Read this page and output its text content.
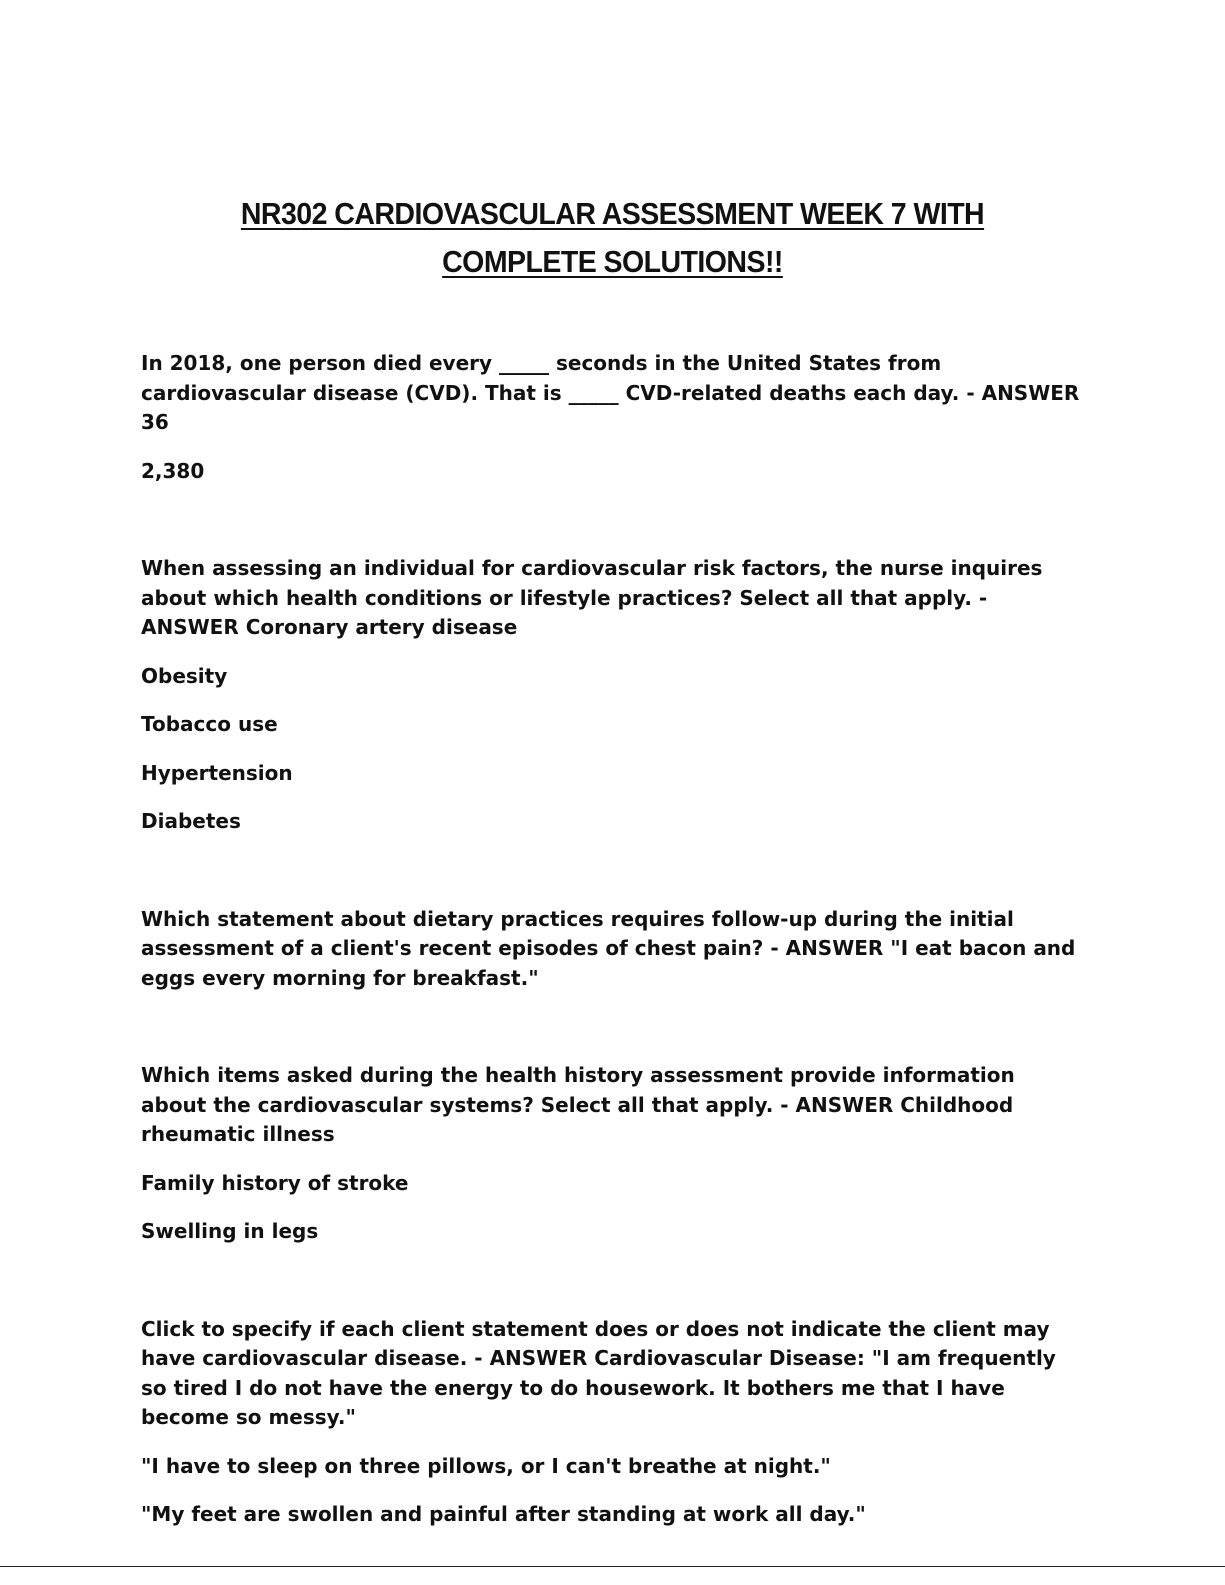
NR302 CARDIOVASCULAR ASSESSMENT WEEK 7 WITH
COMPLETE SOLUTIONS!!

In 2018, one person died every _____ seconds in the United States from cardiovascular disease (CVD). That is _____ CVD-related deaths each day. - ANSWER 36

2,380

When assessing an individual for cardiovascular risk factors, the nurse inquires about which health conditions or lifestyle practices? Select all that apply. - ANSWER Coronary artery disease

Obesity

Tobacco use

Hypertension

Diabetes

Which statement about dietary practices requires follow-up during the initial assessment of a client's recent episodes of chest pain? - ANSWER "I eat bacon and eggs every morning for breakfast."

Which items asked during the health history assessment provide information about the cardiovascular systems? Select all that apply. - ANSWER Childhood rheumatic illness

Family history of stroke

Swelling in legs

Click to specify if each client statement does or does not indicate the client may have cardiovascular disease. - ANSWER Cardiovascular Disease: "I am frequently so tired I do not have the energy to do housework. It bothers me that I have become so messy."

"I have to sleep on three pillows, or I can't breathe at night."

"My feet are swollen and painful after standing at work all day."
